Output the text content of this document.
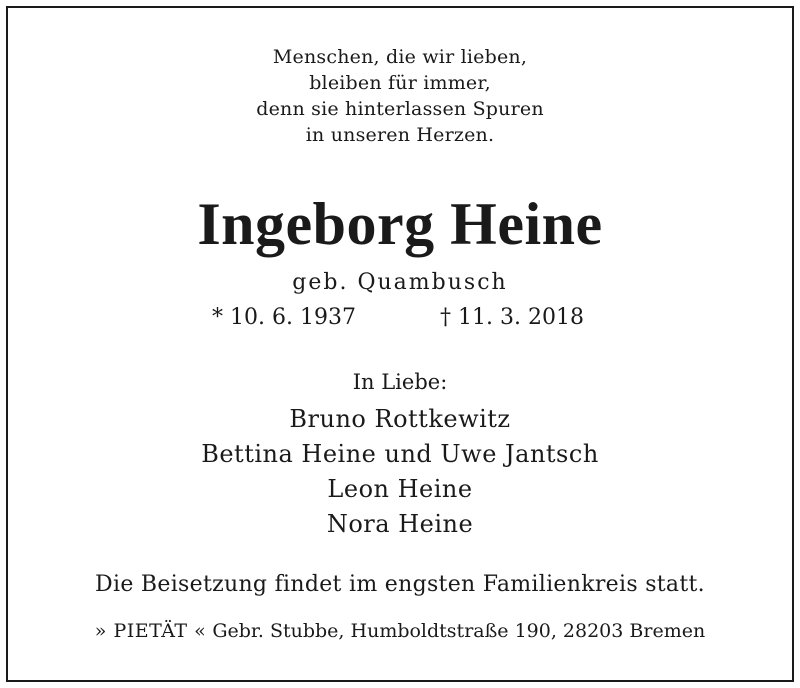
Menschen, die wir lieben,
bleiben für immer,
denn sie hinterlassen Spuren
in unseren Herzen.
Ingeborg Heine
geb. Quambusch
* 10. 6. 1937	† 11. 3. 2018
In Liebe:
Bruno Rottkewitz
Bettina Heine und Uwe Jantsch
Leon Heine
Nora Heine
Die Beisetzung findet im engsten Familienkreis statt.
» PIETÄT « Gebr. Stubbe, Humboldtstraße 190, 28203 Bremen
